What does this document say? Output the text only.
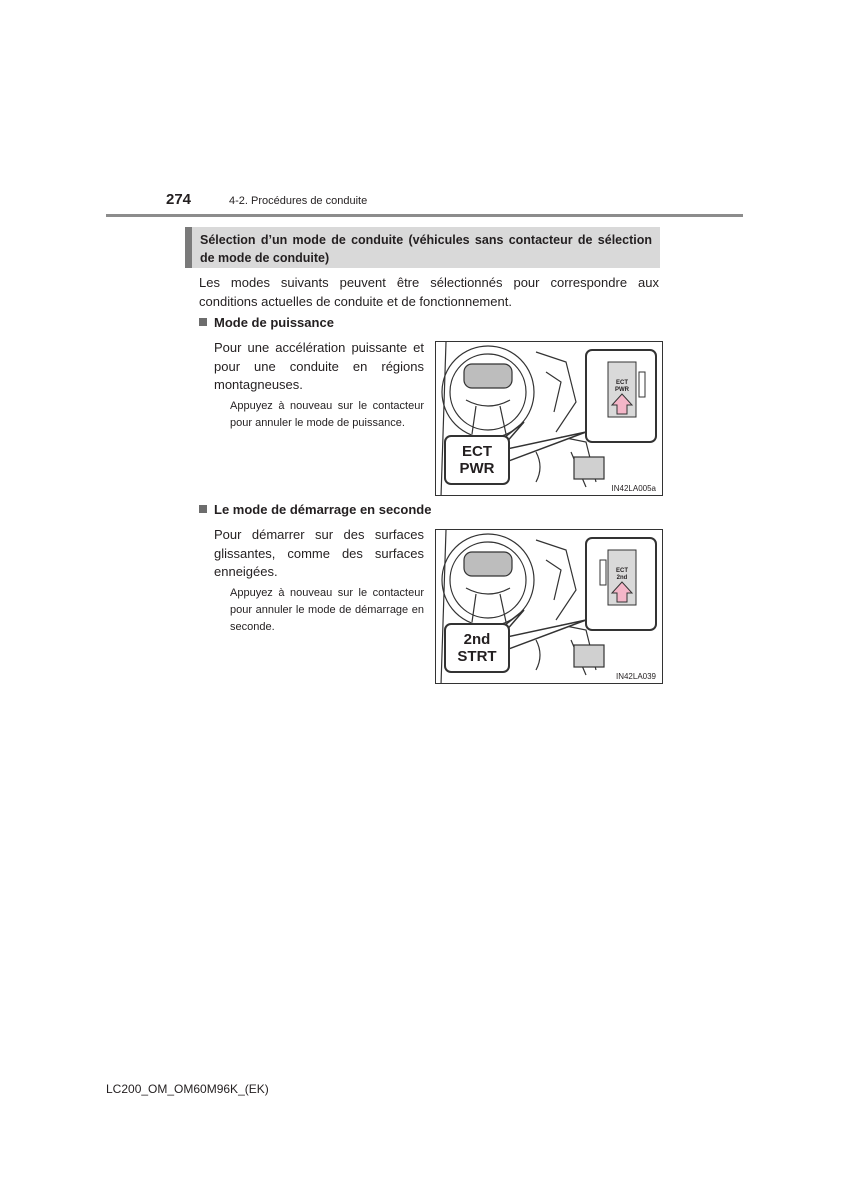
274	4-2. Procédures de conduite
Sélection d’un mode de conduite (véhicules sans contacteur de sélection de mode de conduite)
Les modes suivants peuvent être sélectionnés pour correspondre aux conditions actuelles de conduite et de fonctionnement.
Mode de puissance
Pour une accélération puissante et pour une conduite en régions montagneuses.
Appuyez à nouveau sur le contacteur pour annuler le mode de puissance.
ECT
PWR
ECT
PWR
IN42LA005a
Le mode de démarrage en seconde
Pour démarrer sur des surfaces glissantes, comme des surfaces enneigées.
Appuyez à nouveau sur le contacteur pour annuler le mode de démarrage en seconde.
ECT
2nd
2nd
STRT
IN42LA039
LC200_OM_OM60M96K_(EK)
